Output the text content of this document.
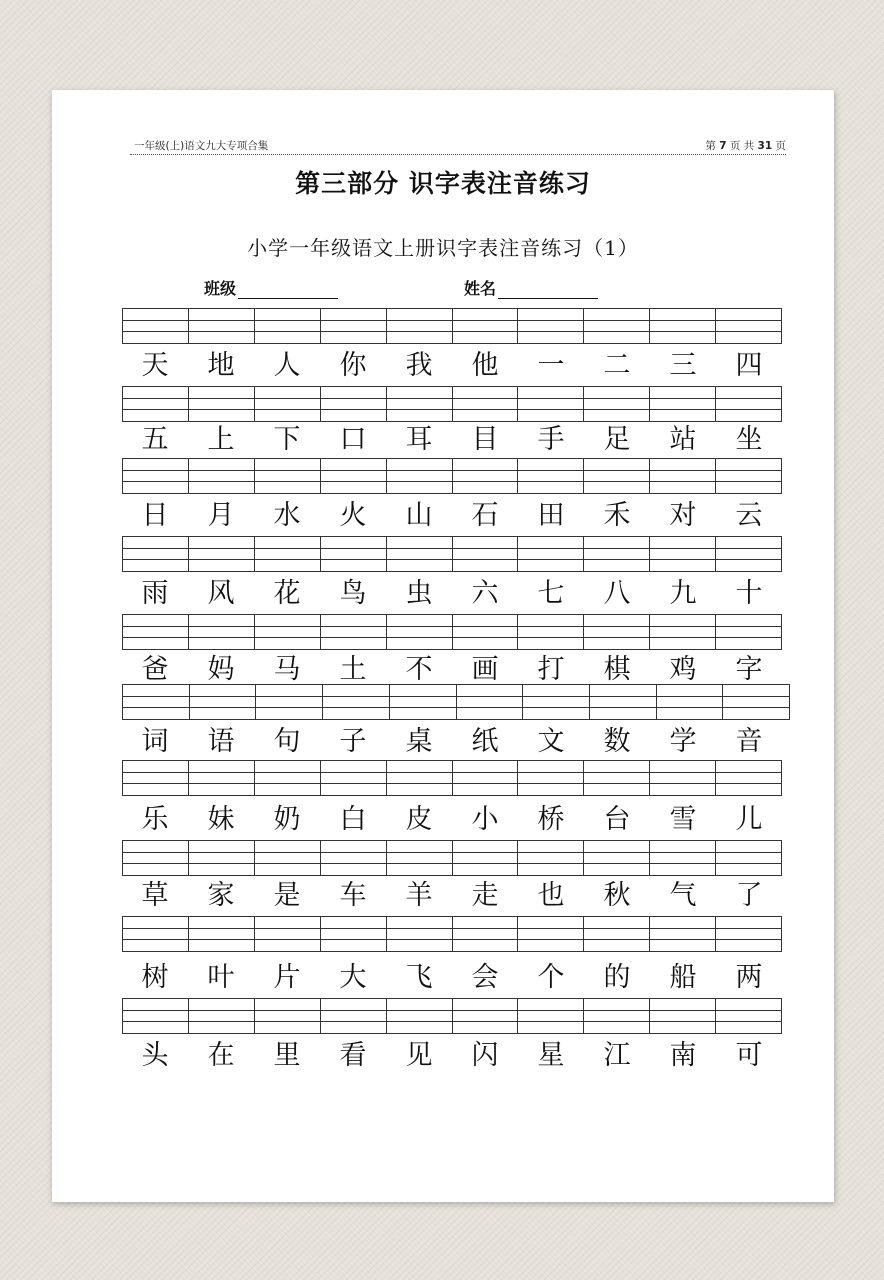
一年级(上)语文九大专项合集	第 7 页 共 31 页
第三部分 识字表注音练习
小学一年级语文上册识字表注音练习（1）
班级	姓名
天	地	人	你	我	他	一	二	三	四
五	上	下	口	耳	目	手	足	站	坐
日	月	水	火	山	石	田	禾	对	云
雨	风	花	鸟	虫	六	七	八	九	十
爸	妈	马	土	不	画	打	棋	鸡	字
词	语	句	子	桌	纸	文	数	学	音
乐	妹	奶	白	皮	小	桥	台	雪	儿
草	家	是	车	羊	走	也	秋	气	了
树	叶	片	大	飞	会	个	的	船	两
头	在	里	看	见	闪	星	江	南	可
